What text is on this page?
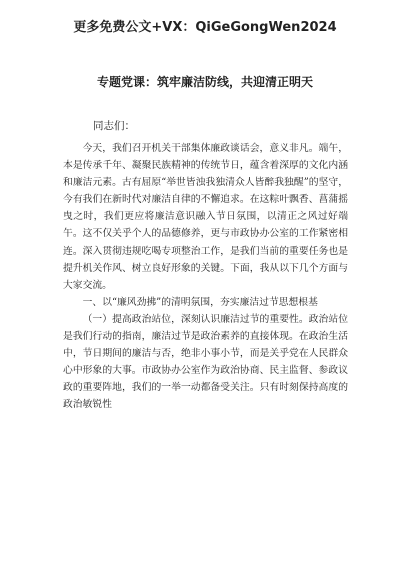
更多免费公文+VX：QiGeGongWen2024
专题党课：筑牢廉洁防线，共迎清正明天

同志们：

今天，我们召开机关干部集体廉政谈话会，意义非凡。端午，本是传承千年、凝聚民族精神的传统节日，蕴含着深厚的文化内涵和廉洁元素。古有屈原“举世皆浊我独清众人皆醉我独醒”的坚守，今有我们在新时代对廉洁自律的不懈追求。在这粽叶飘香、菖蒲摇曳之时，我们更应将廉洁意识融入节日氛围，以清正之风过好端午。这不仅关乎个人的品德修养，更与市政协办公室的工作紧密相连。深入贯彻违规吃喝专项整治工作，是我们当前的重要任务也是提升机关作风、树立良好形象的关键。下面，我从以下几个方面与大家交流。

一、以“廉风劲拂”的清明氛围，夯实廉洁过节思想根基

（一）提高政治站位，深刻认识廉洁过节的重要性。政治站位是我们行动的指南，廉洁过节是政治素养的直接体现。在政治生活中，节日期间的廉洁与否，绝非小事小节，而是关乎党在人民群众心中形象的大事。市政协办公室作为政治协商、民主监督、参政议政的重要阵地，我们的一举一动都备受关注。只有时刻保持高度的政治敏锐性
